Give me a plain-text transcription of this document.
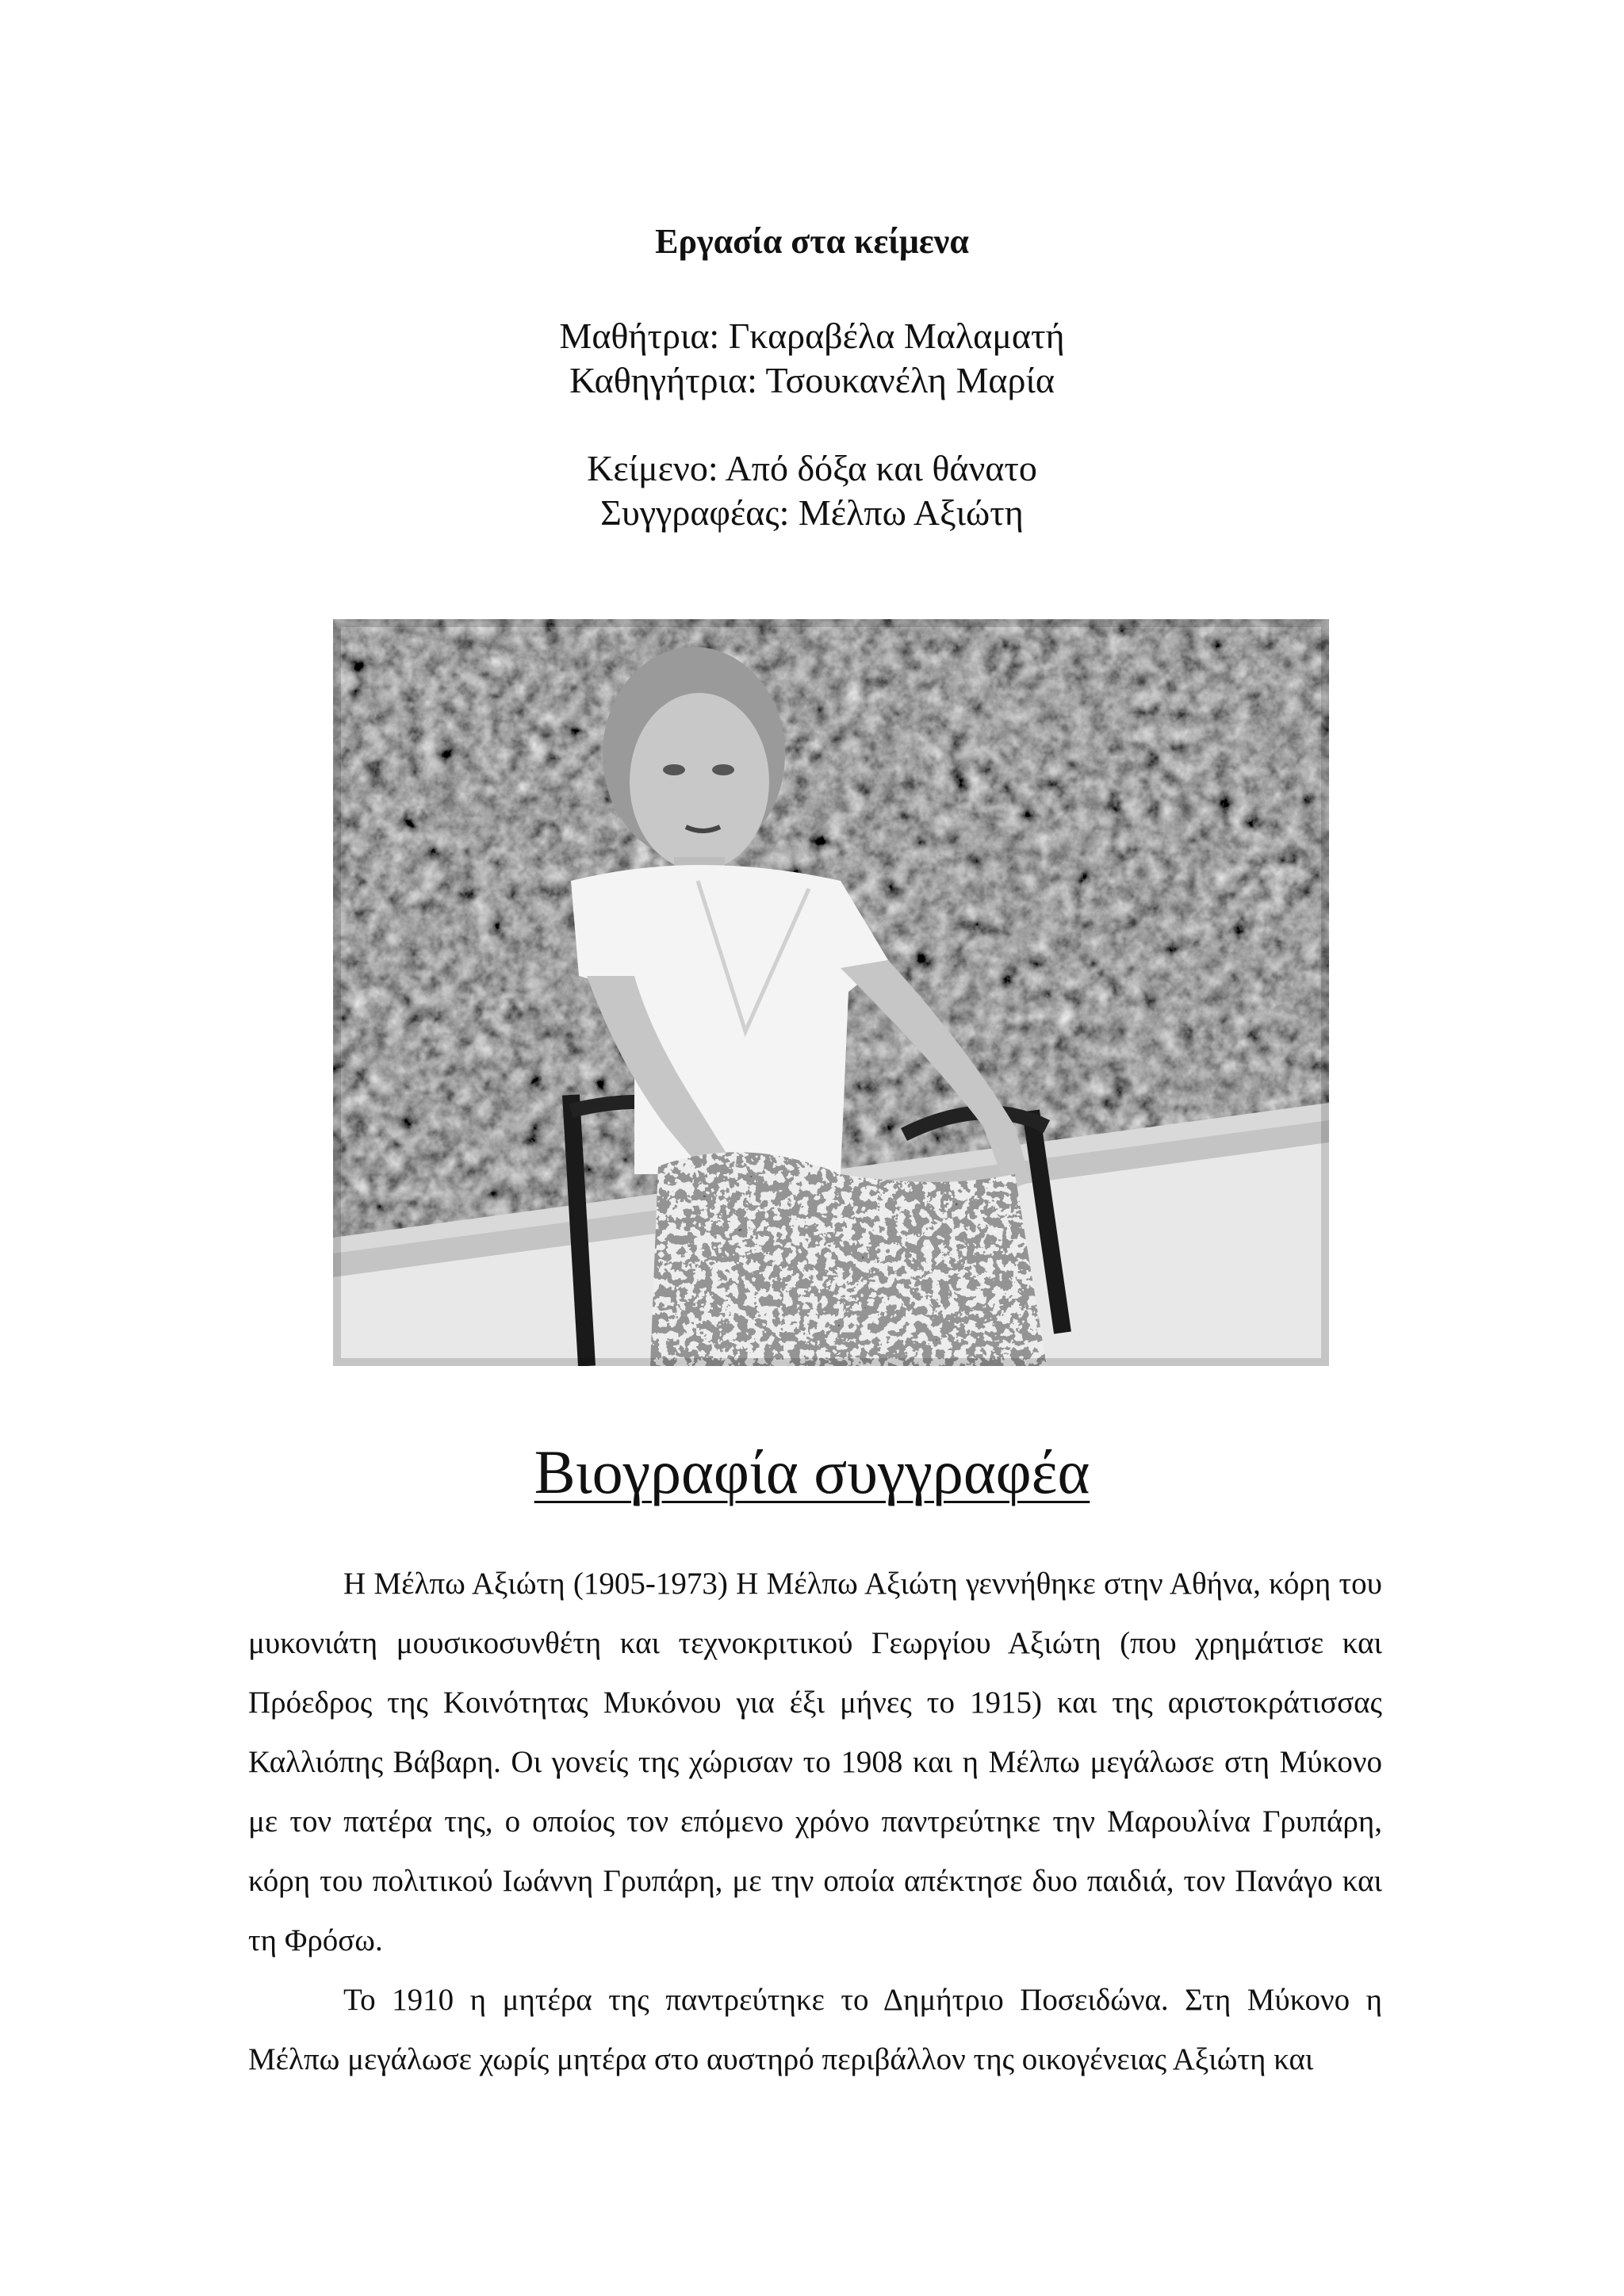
Εργασία στα κείμενα
Μαθήτρια: Γκαραβέλα Μαλαματή
Καθηγήτρια: Τσουκανέλη Μαρία
Κείμενο: Από δόξα και θάνατο
Συγγραφέας: Μέλπω Αξιώτη
Βιογραφία συγγραφέα

Η Μέλπω Αξιώτη (1905-1973) Η Μέλπω Αξιώτη γεννήθηκε στην Αθήνα, κόρη του μυκονιάτη μουσικοσυνθέτη και τεχνοκριτικού Γεωργίου Αξιώτη (που χρημάτισε και Πρόεδρος της Κοινότητας Μυκόνου για έξι μήνες το 1915) και της αριστοκράτισσας Καλλιόπης Βάβαρη. Οι γονείς της χώρισαν το 1908 και η Μέλπω μεγάλωσε στη Μύκονο με τον πατέρα της, ο οποίος τον επόμενο χρόνο παντρεύτηκε την Μαρουλίνα Γρυπάρη, κόρη του πολιτικού Ιωάννη Γρυπάρη, με την οποία απέκτησε δυο παιδιά, τον Πανάγο και τη Φρόσω.

Το 1910 η μητέρα της παντρεύτηκε το Δημήτριο Ποσειδώνα. Στη Μύκονο η Μέλπω μεγάλωσε χωρίς μητέρα στο αυστηρό περιβάλλον της οικογένειας Αξιώτη και
